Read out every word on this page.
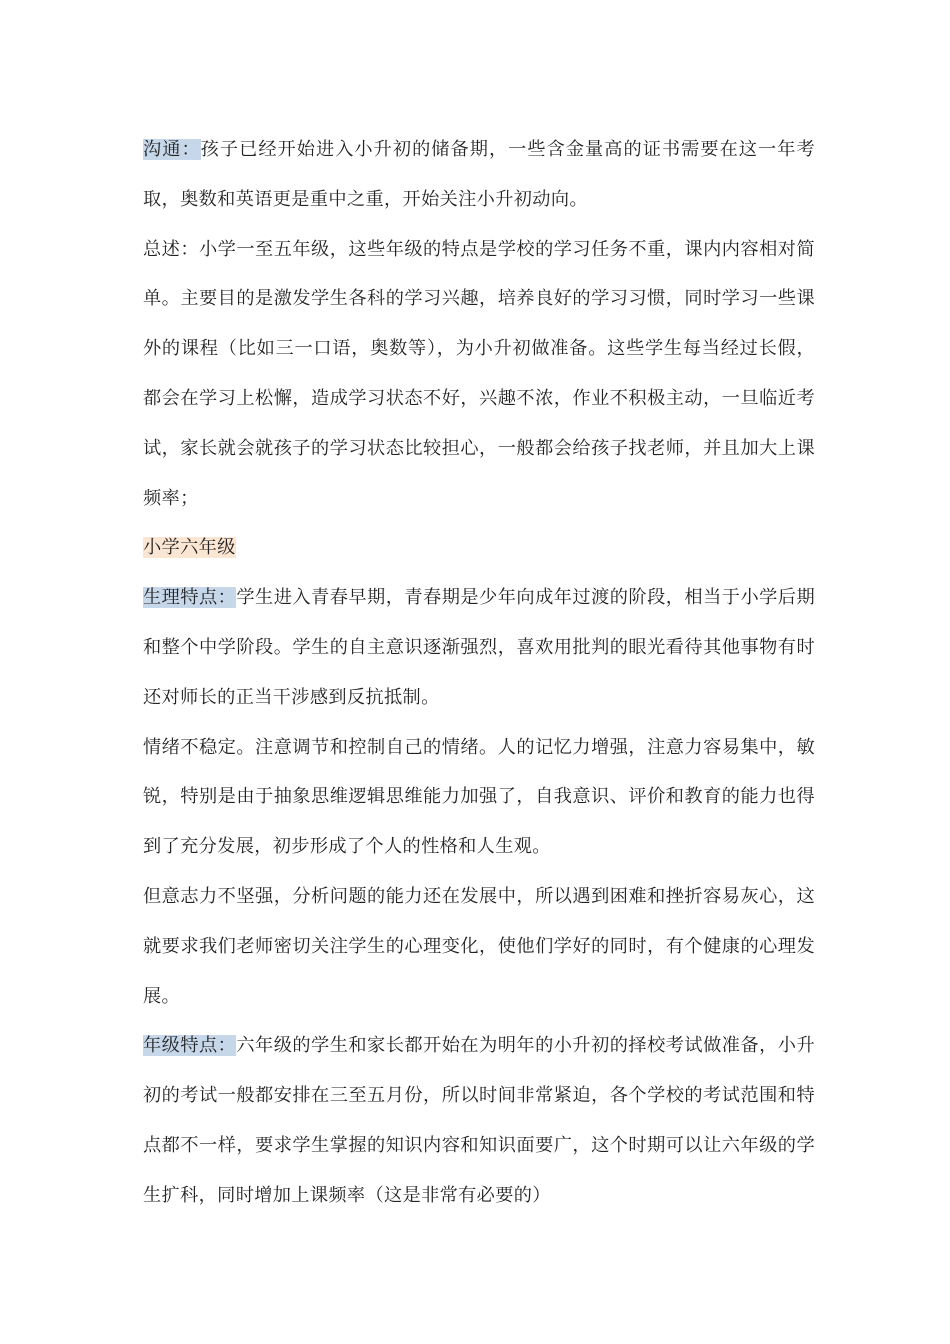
沟通：孩子已经开始进入小升初的储备期，一些含金量高的证书需要在这一年考取，奥数和英语更是重中之重，开始关注小升初动向。

总述：小学一至五年级，这些年级的特点是学校的学习任务不重，课内内容相对简单。主要目的是激发学生各科的学习兴趣，培养良好的学习习惯，同时学习一些课外的课程（比如三一口语，奥数等），为小升初做准备。这些学生每当经过长假，都会在学习上松懈，造成学习状态不好，兴趣不浓，作业不积极主动，一旦临近考试，家长就会就孩子的学习状态比较担心，一般都会给孩子找老师，并且加大上课频率；

小学六年级

生理特点：学生进入青春早期，青春期是少年向成年过渡的阶段，相当于小学后期和整个中学阶段。学生的自主意识逐渐强烈，喜欢用批判的眼光看待其他事物有时还对师长的正当干涉感到反抗抵制。

情绪不稳定。注意调节和控制自己的情绪。人的记忆力增强，注意力容易集中，敏锐，特别是由于抽象思维逻辑思维能力加强了，自我意识、评价和教育的能力也得到了充分发展，初步形成了个人的性格和人生观。

但意志力不坚强，分析问题的能力还在发展中，所以遇到困难和挫折容易灰心，这就要求我们老师密切关注学生的心理变化，使他们学好的同时，有个健康的心理发展。

年级特点：六年级的学生和家长都开始在为明年的小升初的择校考试做准备，小升初的考试一般都安排在三至五月份，所以时间非常紧迫，各个学校的考试范围和特点都不一样，要求学生掌握的知识内容和知识面要广，这个时期可以让六年级的学生扩科，同时增加上课频率（这是非常有必要的）
